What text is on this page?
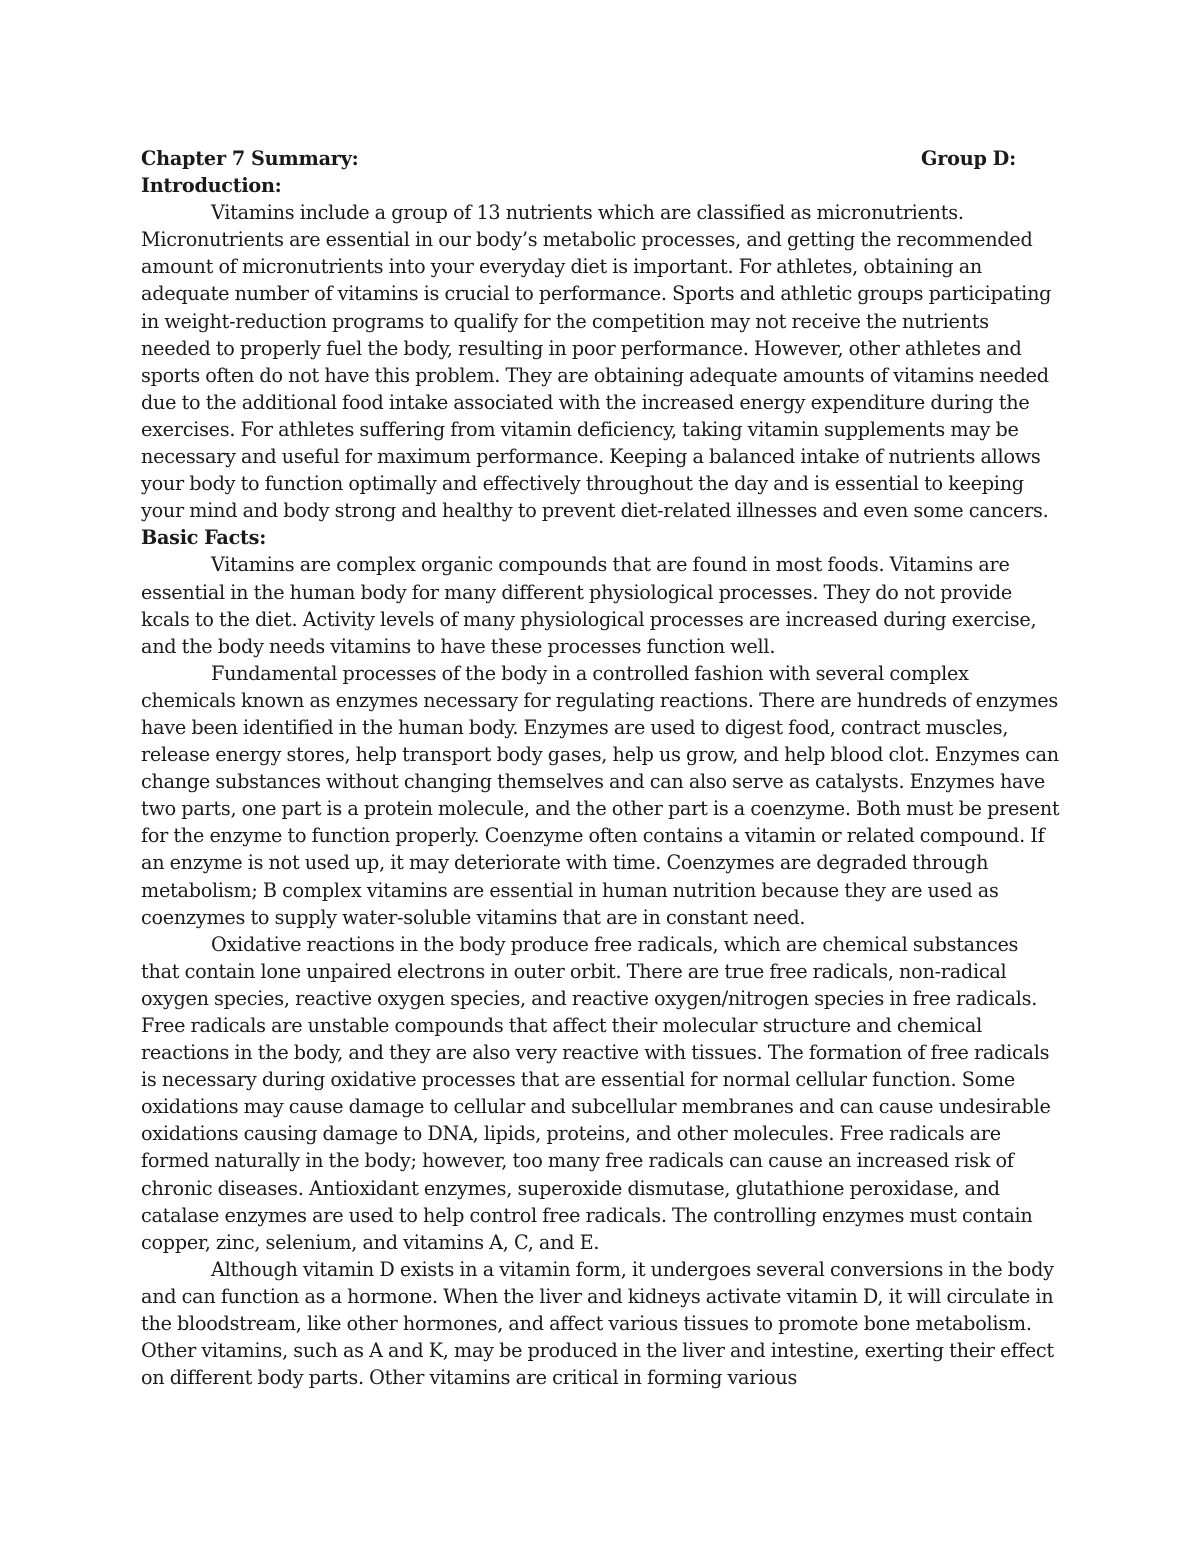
Chapter 7 Summary:	Group D:
Introduction:

Vitamins include a group of 13 nutrients which are classified as micronutrients. Micronutrients are essential in our body’s metabolic processes, and getting the recommended amount of micronutrients into your everyday diet is important. For athletes, obtaining an adequate number of vitamins is crucial to performance. Sports and athletic groups participating in weight-reduction programs to qualify for the competition may not receive the nutrients needed to properly fuel the body, resulting in poor performance. However, other athletes and sports often do not have this problem. They are obtaining adequate amounts of vitamins needed due to the additional food intake associated with the increased energy expenditure during the exercises. For athletes suffering from vitamin deficiency, taking vitamin supplements may be necessary and useful for maximum performance. Keeping a balanced intake of nutrients allows your body to function optimally and effectively throughout the day and is essential to keeping your mind and body strong and healthy to prevent diet-related illnesses and even some cancers.

Basic Facts:

Vitamins are complex organic compounds that are found in most foods. Vitamins are essential in the human body for many different physiological processes. They do not provide kcals to the diet. Activity levels of many physiological processes are increased during exercise, and the body needs vitamins to have these processes function well.

Fundamental processes of the body in a controlled fashion with several complex chemicals known as enzymes necessary for regulating reactions. There are hundreds of enzymes have been identified in the human body. Enzymes are used to digest food, contract muscles, release energy stores, help transport body gases, help us grow, and help blood clot. Enzymes can change substances without changing themselves and can also serve as catalysts. Enzymes have two parts, one part is a protein molecule, and the other part is a coenzyme. Both must be present for the enzyme to function properly. Coenzyme often contains a vitamin or related compound. If an enzyme is not used up, it may deteriorate with time. Coenzymes are degraded through metabolism; B complex vitamins are essential in human nutrition because they are used as coenzymes to supply water-soluble vitamins that are in constant need.

Oxidative reactions in the body produce free radicals, which are chemical substances that contain lone unpaired electrons in outer orbit. There are true free radicals, non-radical oxygen species, reactive oxygen species, and reactive oxygen/nitrogen species in free radicals. Free radicals are unstable compounds that affect their molecular structure and chemical reactions in the body, and they are also very reactive with tissues. The formation of free radicals is necessary during oxidative processes that are essential for normal cellular function. Some oxidations may cause damage to cellular and subcellular membranes and can cause undesirable oxidations causing damage to DNA, lipids, proteins, and other molecules. Free radicals are formed naturally in the body; however, too many free radicals can cause an increased risk of chronic diseases. Antioxidant enzymes, superoxide dismutase, glutathione peroxidase, and catalase enzymes are used to help control free radicals. The controlling enzymes must contain copper, zinc, selenium, and vitamins A, C, and E.

Although vitamin D exists in a vitamin form, it undergoes several conversions in the body and can function as a hormone. When the liver and kidneys activate vitamin D, it will circulate in the bloodstream, like other hormones, and affect various tissues to promote bone metabolism. Other vitamins, such as A and K, may be produced in the liver and intestine, exerting their effect on different body parts. Other vitamins are critical in forming various
